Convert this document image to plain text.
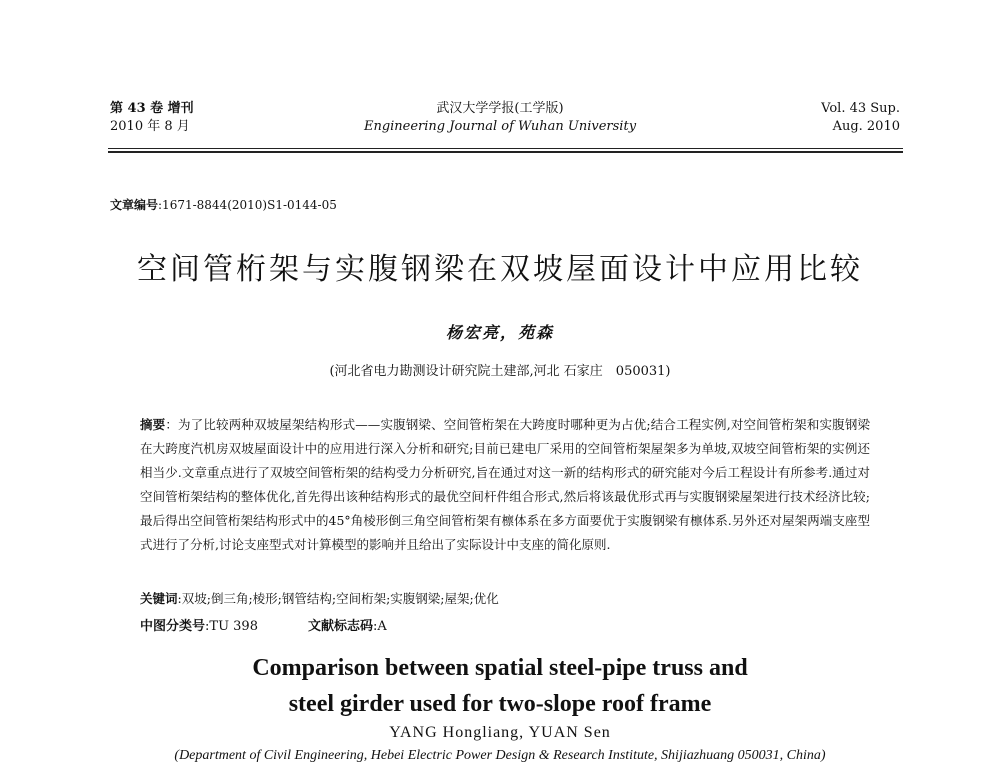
第 43 卷 增刊
2010 年 8 月
武汉大学学报(工学版)
Engineering Journal of Wuhan University
Vol. 43 Sup.
Aug. 2010
文章编号:1671-8844(2010)S1-0144-05
空间管桁架与实腹钢梁在双坡屋面设计中应用比较
杨宏亮，苑森
(河北省电力勘测设计研究院土建部,河北 石家庄　050031)
摘要：为了比较两种双坡屋架结构形式——实腹钢梁、空间管桁架在大跨度时哪种更为占优;结合工程实例,对空间管桁架和实腹钢梁在大跨度汽机房双坡屋面设计中的应用进行深入分析和研究;目前已建电厂采用的空间管桁架屋架多为单坡,双坡空间管桁架的实例还相当少.文章重点进行了双坡空间管桁架的结构受力分析研究,旨在通过对这一新的结构形式的研究能对今后工程设计有所参考.通过对空间管桁架结构的整体优化,首先得出该种结构形式的最优空间杆件组合形式,然后将该最优形式再与实腹钢梁屋架进行技术经济比较;最后得出空间管桁架结构形式中的45°角棱形倒三角空间管桁架有檩体系在多方面要优于实腹钢梁有檩体系.另外还对屋架两端支座型式进行了分析,讨论支座型式对计算模型的影响并且给出了实际设计中支座的简化原则.
关键词:双坡;倒三角;棱形;钢管结构;空间桁架;实腹钢梁;屋架;优化
中图分类号:TU 398	文献标志码:A
Comparison between spatial steel-pipe truss and
steel girder used for two-slope roof frame
YANG Hongliang, YUAN Sen
(Department of Civil Engineering, Hebei Electric Power Design & Research Institute, Shijiazhuang 050031, China)
